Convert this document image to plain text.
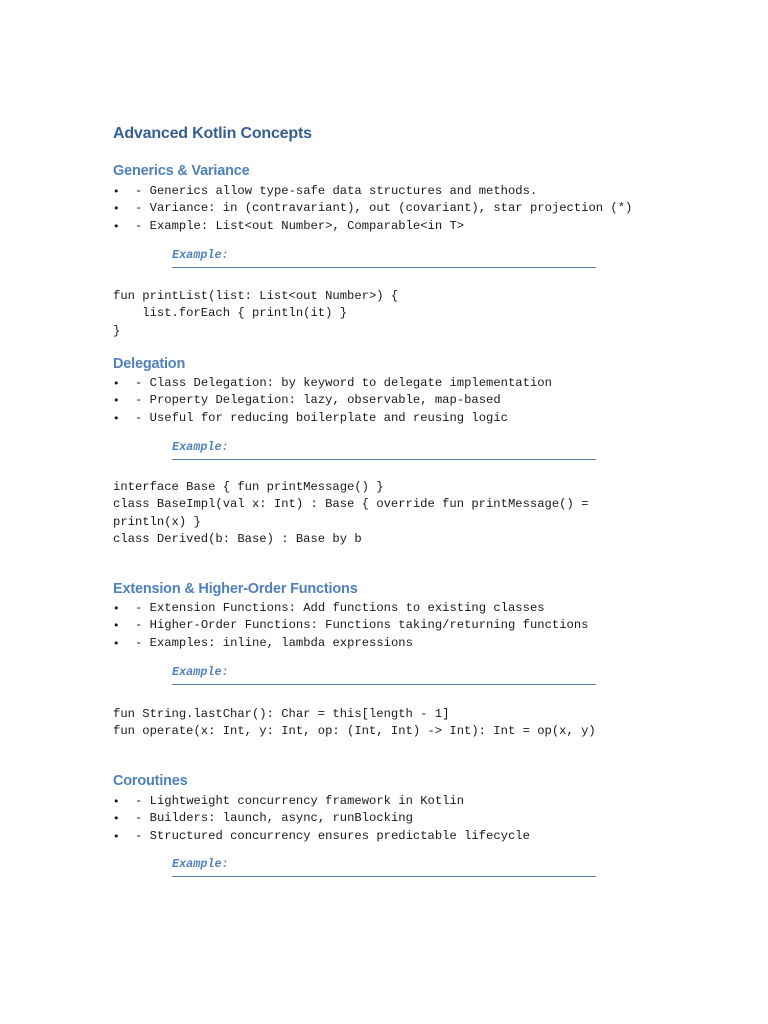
Advanced Kotlin Concepts
Generics & Variance
• - Generics allow type-safe data structures and methods.
• - Variance: in (contravariant), out (covariant), star projection (*)
• - Example: List<out Number>, Comparable<in T>

Example:

fun printList(list: List<out Number>) {
list.forEach { println(it) }
}
Delegation
• - Class Delegation: by keyword to delegate implementation
• - Property Delegation: lazy, observable, map-based
• - Useful for reducing boilerplate and reusing logic

Example:

interface Base { fun printMessage() }
class BaseImpl(val x: Int) : Base { override fun printMessage() =
println(x) }
class Derived(b: Base) : Base by b
Extension & Higher-Order Functions
• - Extension Functions: Add functions to existing classes
• - Higher-Order Functions: Functions taking/returning functions
• - Examples: inline, lambda expressions

Example:

fun String.lastChar(): Char = this[length - 1]
fun operate(x: Int, y: Int, op: (Int, Int) -> Int): Int = op(x, y)
Coroutines
• - Lightweight concurrency framework in Kotlin
• - Builders: launch, async, runBlocking
• - Structured concurrency ensures predictable lifecycle

Example:
